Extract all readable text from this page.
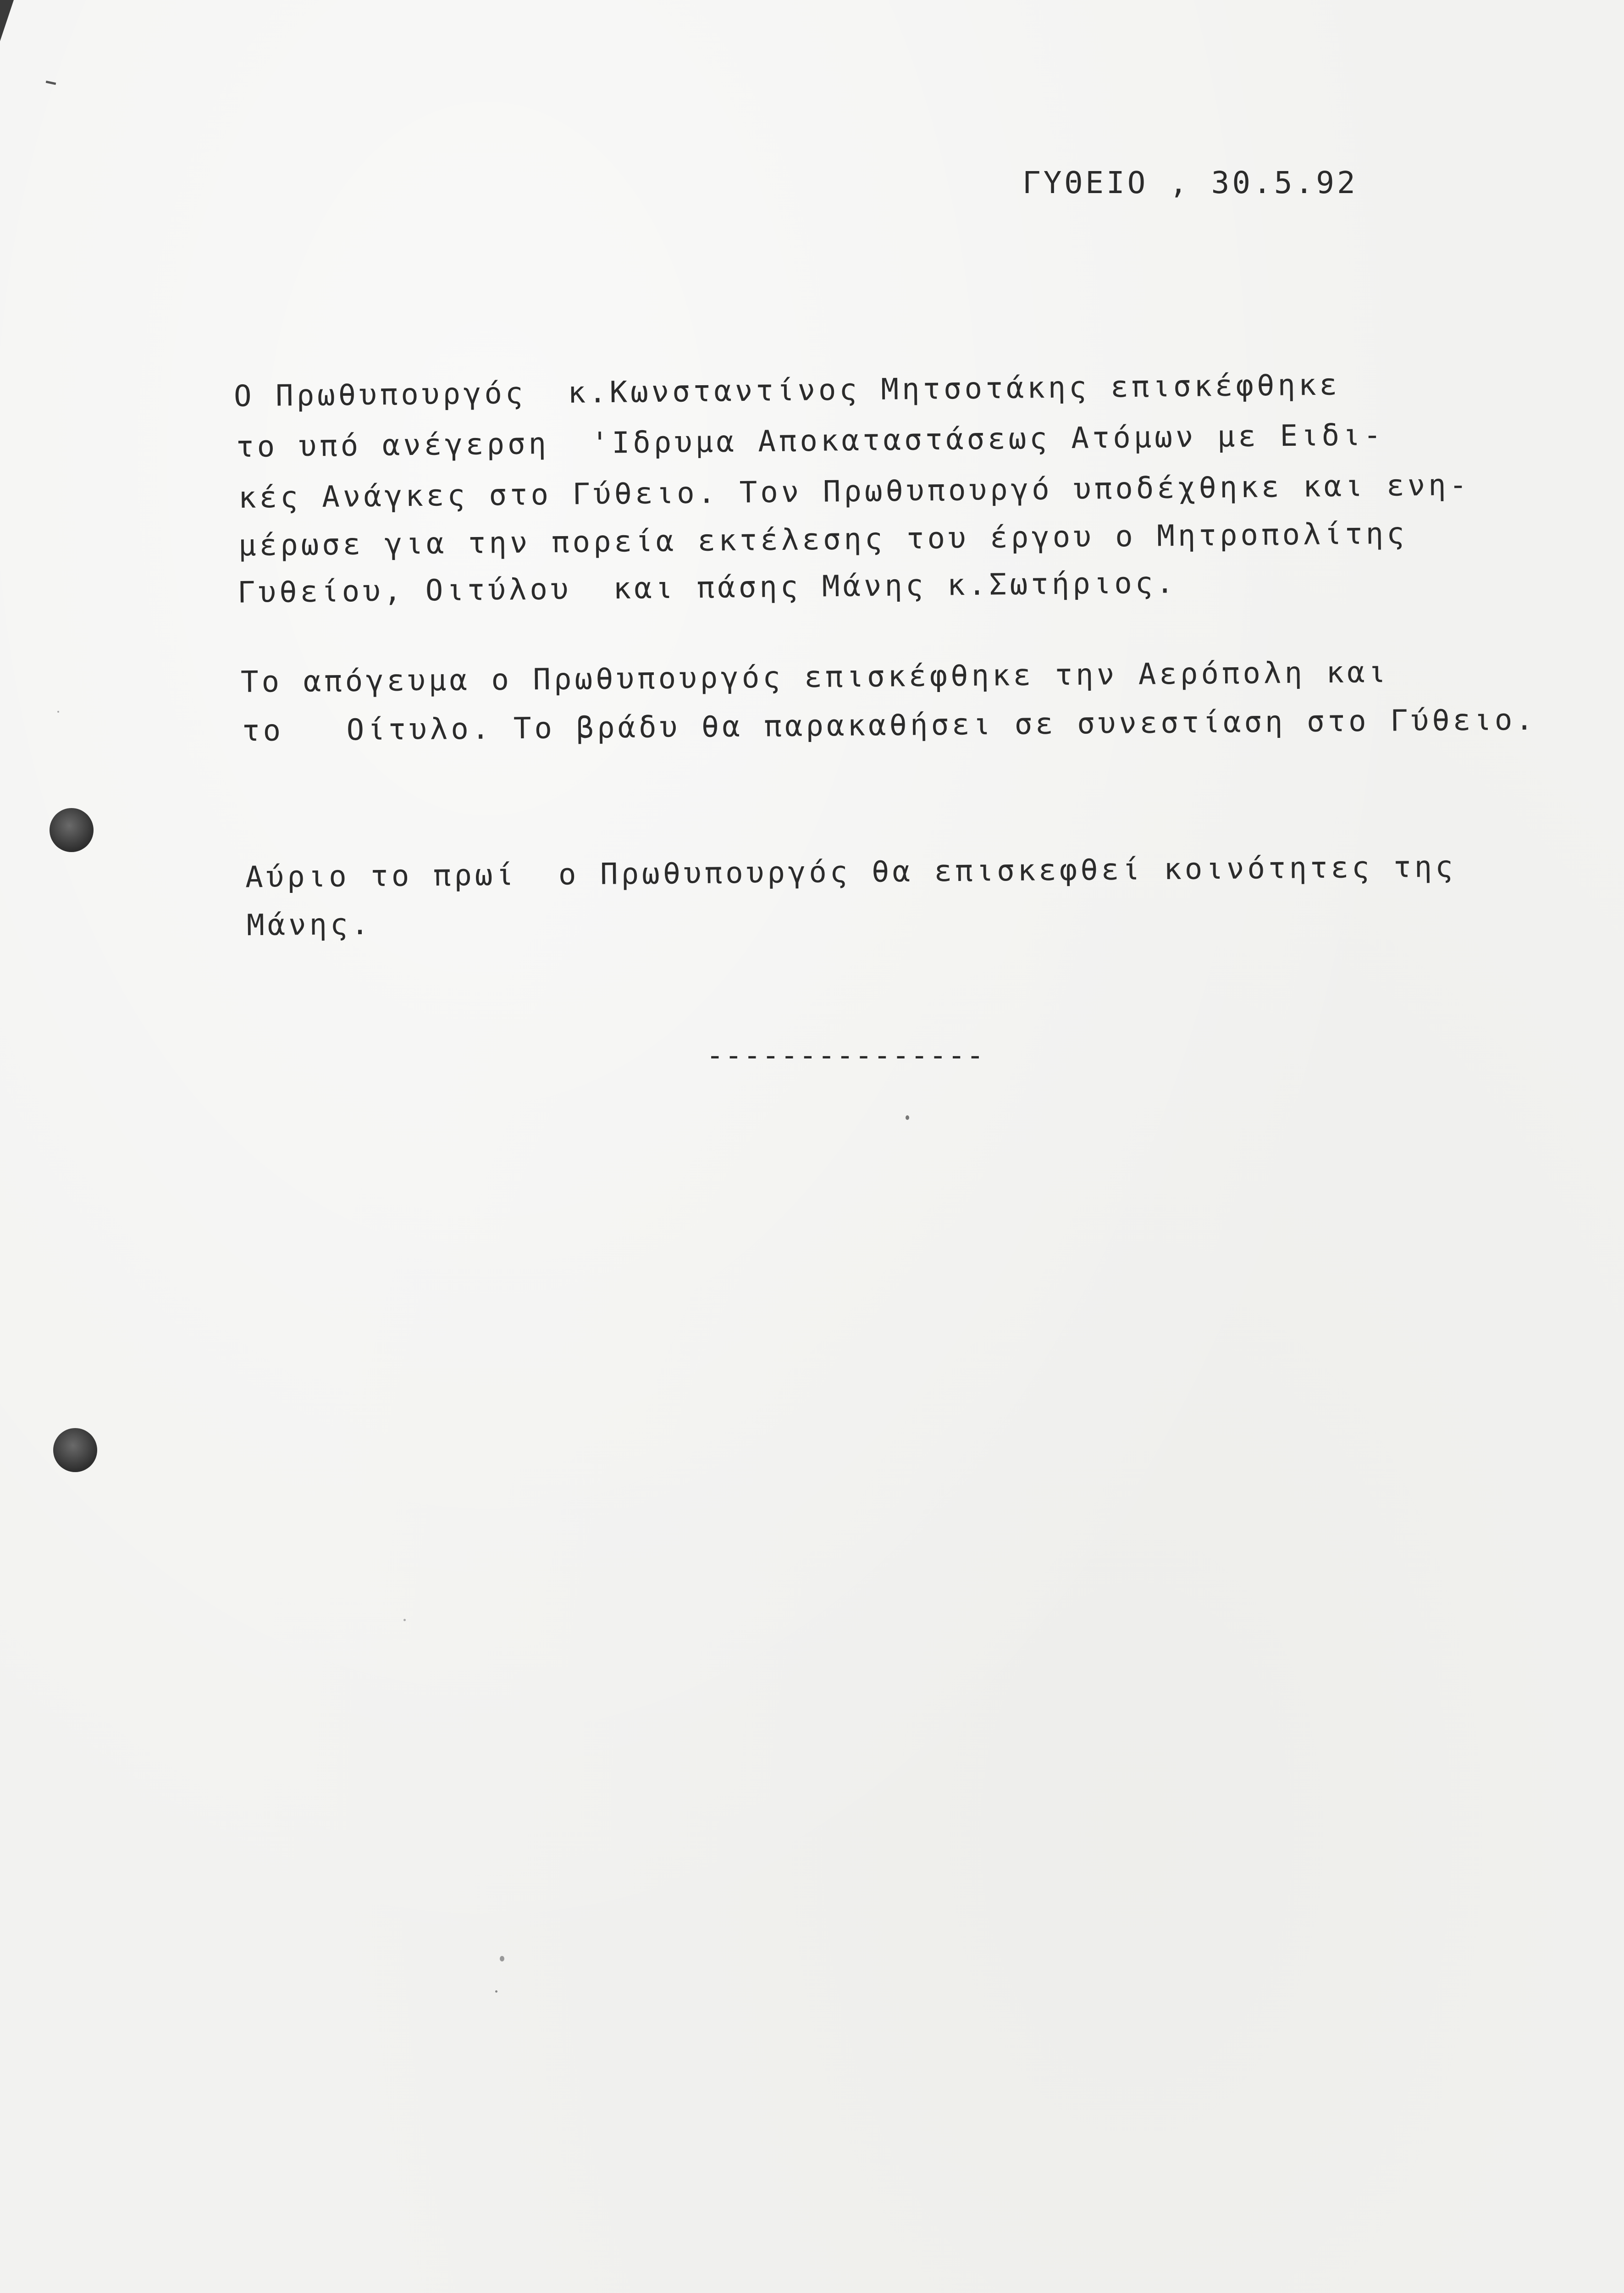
ΓΥΘΕΙΟ , 30.5.92
Ο Πρωθυπουργός  κ.Κωνσταντίνος Μητσοτάκης επισκέφθηκε
το υπό ανέγερση  'Ιδρυμα Αποκαταστάσεως Ατόμων με Ειδι-
κές Ανάγκες στο Γύθειο. Τον Πρωθυπουργό υποδέχθηκε και ενη-
μέρωσε για την πορεία εκτέλεσης του έργου ο Μητροπολίτης
Γυθείου, Οιτύλου  και πάσης Μάνης κ.Σωτήριος.
Το απόγευμα ο Πρωθυπουργός επισκέφθηκε την Αερόπολη και
το   Οίτυλο. Το βράδυ θα παρακαθήσει σε συνεστίαση στο Γύθειο.
Αύριο το πρωί  ο Πρωθυπουργός θα επισκεφθεί κοινότητες της
Μάνης.
---------------
